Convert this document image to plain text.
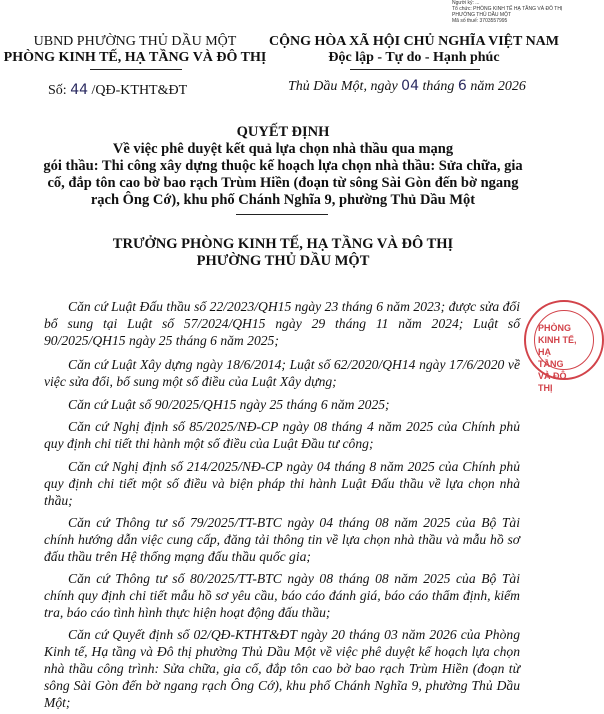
Người ký: ...
Tổ chức: PHÒNG KINH TẾ HẠ TẦNG VÀ ĐÔ THỊ
PHƯỜNG THỦ DẦU MỘT
Mã số thuế: 3703557995
UBND PHƯỜNG THỦ DẦU MỘT
PHÒNG KINH TẾ, HẠ TẦNG VÀ ĐÔ THỊ
CỘNG HÒA XÃ HỘI CHỦ NGHĨA VIỆT NAM
Độc lập - Tự do - Hạnh phúc
Số: 44 /QĐ-KTHT&ĐT	Thủ Dầu Một, ngày 04 tháng 6 năm 2026
QUYẾT ĐỊNH
Về việc phê duyệt kết quả lựa chọn nhà thầu qua mạng
gói thầu: Thi công xây dựng thuộc kế hoạch lựa chọn nhà thầu: Sửa chữa, gia
cố, đắp tôn cao bờ bao rạch Trùm Hiền (đoạn từ sông Sài Gòn đến bờ ngang
rạch Ông Cớ), khu phố Chánh Nghĩa 9, phường Thủ Dầu Một
TRƯỞNG PHÒNG KINH TẾ, HẠ TẦNG VÀ ĐÔ THỊ
PHƯỜNG THỦ DẦU MỘT
Căn cứ Luật Đấu thầu số 22/2023/QH15 ngày 23 tháng 6 năm 2023; được sửa đổi bổ sung tại Luật số 57/2024/QH15 ngày 29 tháng 11 năm 2024; Luật số 90/2025/QH15 ngày 25 tháng 6 năm 2025;
Căn cứ Luật Xây dựng ngày 18/6/2014; Luật số 62/2020/QH14 ngày 17/6/2020 về việc sửa đổi, bổ sung một số điều của Luật Xây dựng;
Căn cứ Luật số 90/2025/QH15 ngày 25 tháng 6 năm 2025;
Căn cứ Nghị định số 85/2025/NĐ-CP ngày 08 tháng 4 năm 2025 của Chính phủ quy định chi tiết thi hành một số điều của Luật Đầu tư công;
Căn cứ Nghị định số 214/2025/NĐ-CP ngày 04 tháng 8 năm 2025 của Chính phủ quy định chi tiết một số điều và biện pháp thi hành Luật Đấu thầu về lựa chọn nhà thầu;
Căn cứ Thông tư số 79/2025/TT-BTC ngày 04 tháng 08 năm 2025 của Bộ Tài chính hướng dẫn việc cung cấp, đăng tải thông tin về lựa chọn nhà thầu và mẫu hồ sơ đấu thầu trên Hệ thống mạng đấu thầu quốc gia;
Căn cứ Thông tư số 80/2025/TT-BTC ngày 08 tháng 08 năm 2025 của Bộ Tài chính quy định chi tiết mẫu hồ sơ yêu cầu, báo cáo đánh giá, báo cáo thẩm định, kiểm tra, báo cáo tình hình thực hiện hoạt động đấu thầu;
Căn cứ Quyết định số 02/QĐ-KTHT&ĐT ngày 20 tháng 03 năm 2026 của Phòng Kinh tế, Hạ tầng và Đô thị phường Thủ Dầu Một về việc phê duyệt kế hoạch lựa chọn nhà thầu công trình: Sửa chữa, gia cố, đắp tôn cao bờ bao rạch Trùm Hiền (đoạn từ sông Sài Gòn đến bờ ngang rạch Ông Cớ), khu phố Chánh Nghĩa 9, phường Thủ Dầu Một;
PHÒNG KINH TẾ, HẠ TẦNG VÀ ĐÔ THỊ
